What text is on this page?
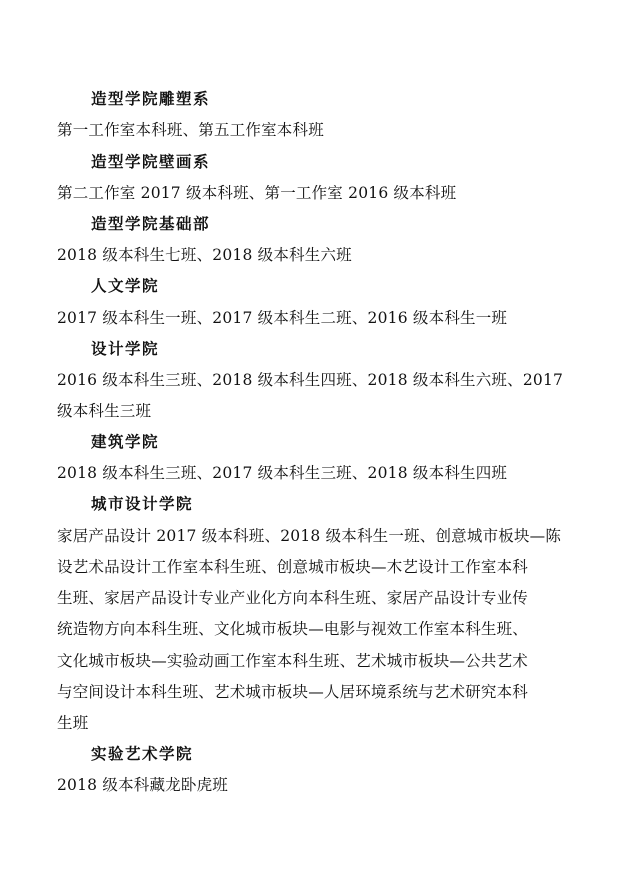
造型学院雕塑系
第一工作室本科班、第五工作室本科班
造型学院壁画系
第二工作室 2017 级本科班、第一工作室 2016 级本科班
造型学院基础部
2018 级本科生七班、2018 级本科生六班
人文学院
2017 级本科生一班、2017 级本科生二班、2016 级本科生一班
设计学院
2016 级本科生三班、2018 级本科生四班、2018 级本科生六班、2017
级本科生三班
建筑学院
2018 级本科生三班、2017 级本科生三班、2018 级本科生四班
城市设计学院
家居产品设计 2017 级本科班、2018 级本科生一班、创意城市板块—陈
设艺术品设计工作室本科生班、创意城市板块—木艺设计工作室本科
生班、家居产品设计专业产业化方向本科生班、家居产品设计专业传
统造物方向本科生班、文化城市板块—电影与视效工作室本科生班、
文化城市板块—实验动画工作室本科生班、艺术城市板块—公共艺术
与空间设计本科生班、艺术城市板块—人居环境系统与艺术研究本科
生班
实验艺术学院
2018 级本科藏龙卧虎班
